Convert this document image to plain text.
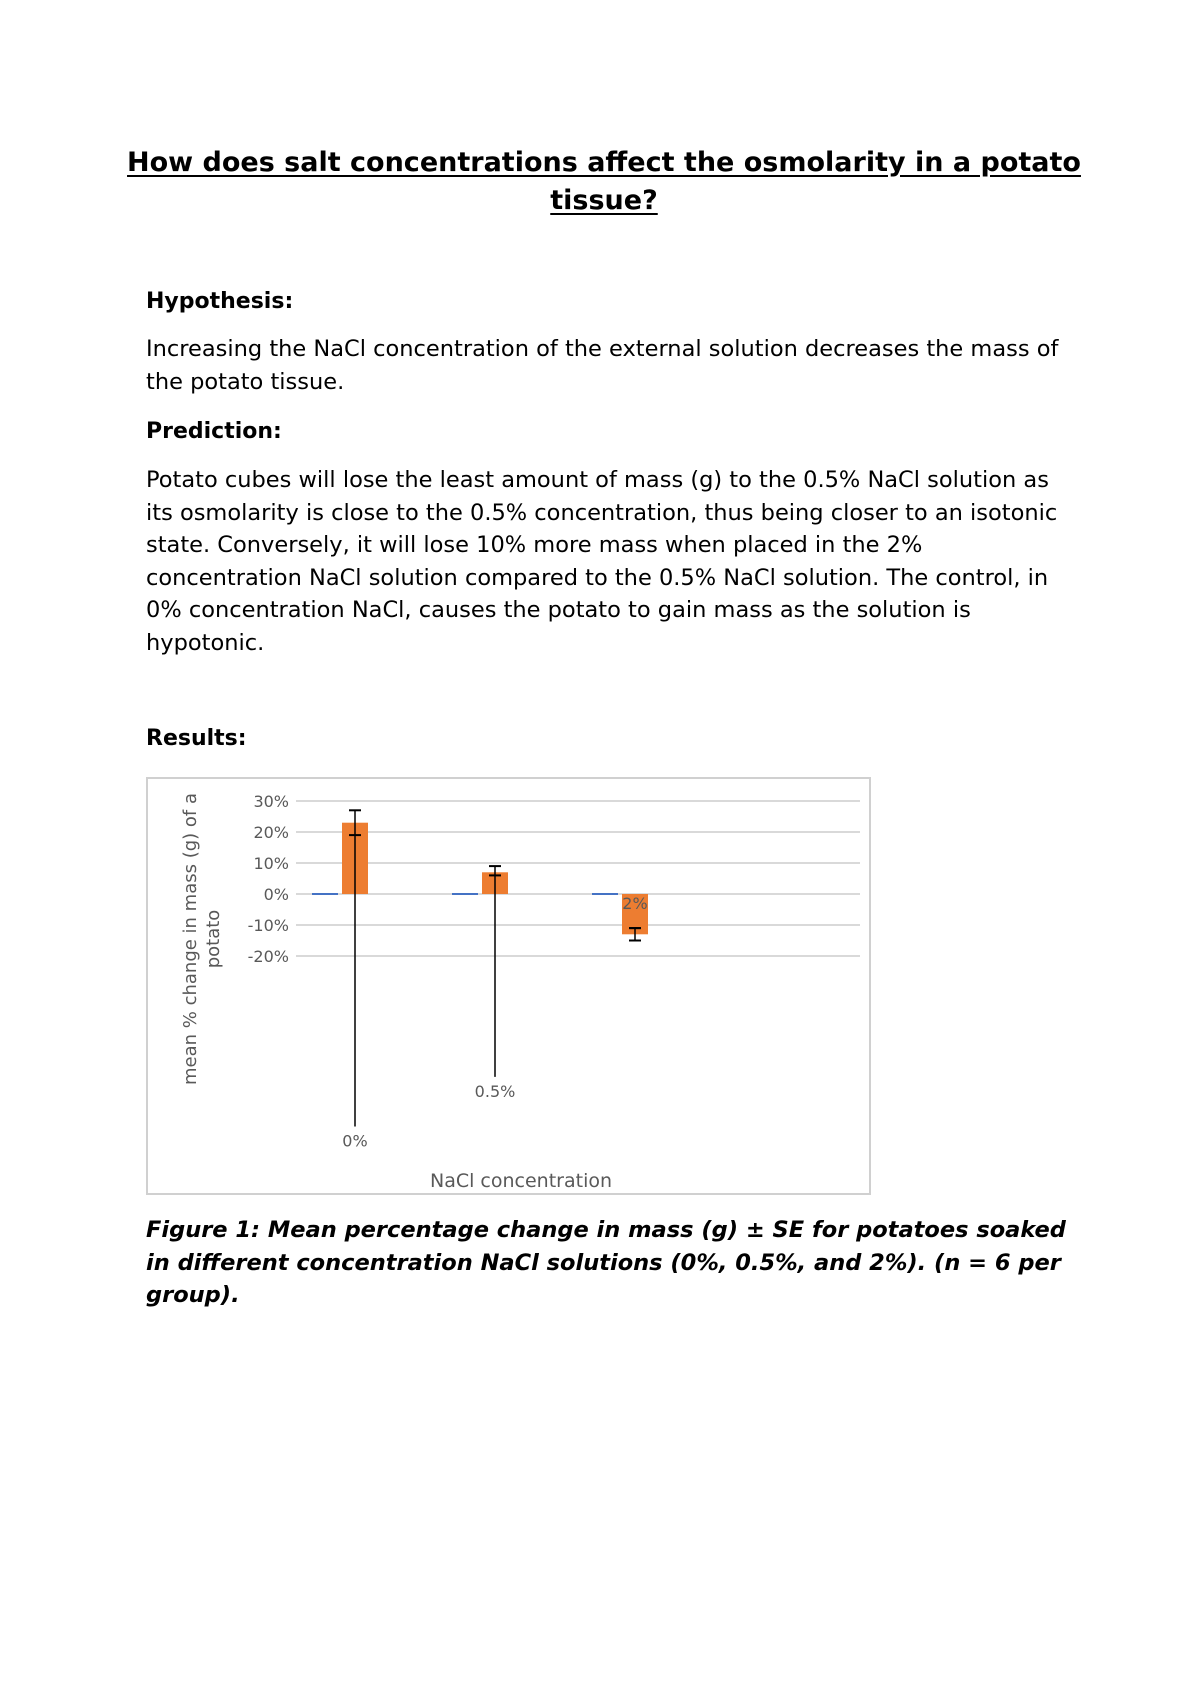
How does salt concentrations affect the osmolarity in a potato tissue?
Hypothesis:
Increasing the NaCl concentration of the external solution decreases the mass of the potato tissue.
Prediction:
Potato cubes will lose the least amount of mass (g) to the 0.5% NaCl solution as its osmolarity is close to the 0.5% concentration, thus being closer to an isotonic state. Conversely, it will lose 10% more mass when placed in the 2% concentration NaCl solution compared to the 0.5% NaCl solution. The control, in 0% concentration NaCl, causes the potato to gain mass as the solution is hypotonic.
Results:
30%
20%
10%
0%
-10%
-20%
0%
0.5%
2%
mean % change in mass (g) of a potato
NaCl concentration
Figure 1: Mean percentage change in mass (g) ± SE for potatoes soaked in different concentration NaCl solutions (0%, 0.5%, and 2%). (n = 6 per group).
